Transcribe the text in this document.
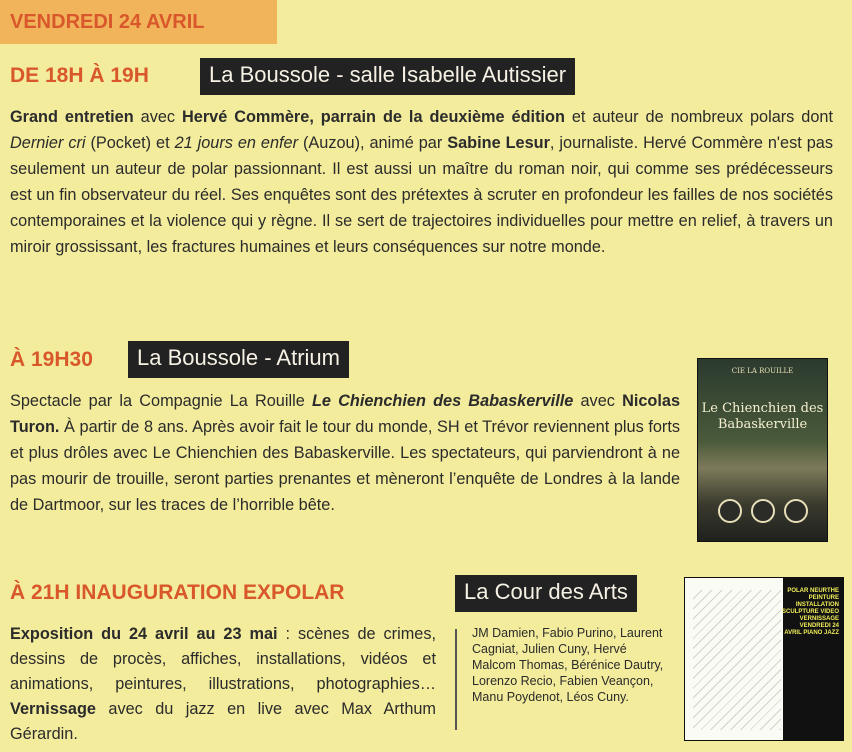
VENDREDI 24 AVRIL
DE 18H À 19H	La Boussole - salle Isabelle Autissier

Grand entretien avec Hervé Commère, parrain de la deuxième édition et auteur de nombreux polars dont Dernier cri (Pocket) et 21 jours en enfer (Auzou), animé par Sabine Lesur, journaliste. Hervé Commère n'est pas seulement un auteur de polar passionnant. Il est aussi un maître du roman noir, qui comme ses prédécesseurs est un fin observateur du réel. Ses enquêtes sont des prétextes à scruter en profondeur les failles de nos sociétés contemporaines et la violence qui y règne. Il se sert de trajectoires individuelles pour mettre en relief, à travers un miroir grossissant, les fractures humaines et leurs conséquences sur notre monde.

À 19H30	La Boussole - Atrium

Spectacle par la Compagnie La Rouille Le Chienchien des Babaskerville avec Nicolas Turon. À partir de 8 ans. Après avoir fait le tour du monde, SH et Trévor reviennent plus forts et plus drôles avec Le Chienchien des Babaskerville. Les spectateurs, qui parviendront à ne pas mourir de trouille, seront parties prenantes et mèneront l’enquête de Londres à la lande de Dartmoor, sur les traces de l’horrible bête.

CIE LA ROUILLE
Le Chienchien des Babaskerville
À 21H INAUGURATION EXPOLAR	La Cour des Arts

Exposition du 24 avril au 23 mai : scènes de crimes, dessins de procès, affiches, installations, vidéos et animations, peintures, illustrations, photographies… Vernissage avec du jazz en live avec Max Arthum Gérardin.

JM Damien, Fabio Purino, Laurent Cagniat, Julien Cuny, Hervé Malcom Thomas, Bérénice Dautry, Lorenzo Recio, Fabien Veançon, Manu Poydenot, Léos Cuny.
POLAR NEURTHE PEINTURE INSTALLATION SCULPTURE VIDEO VERNISSAGE VENDREDI 24 AVRIL PIANO JAZZ
